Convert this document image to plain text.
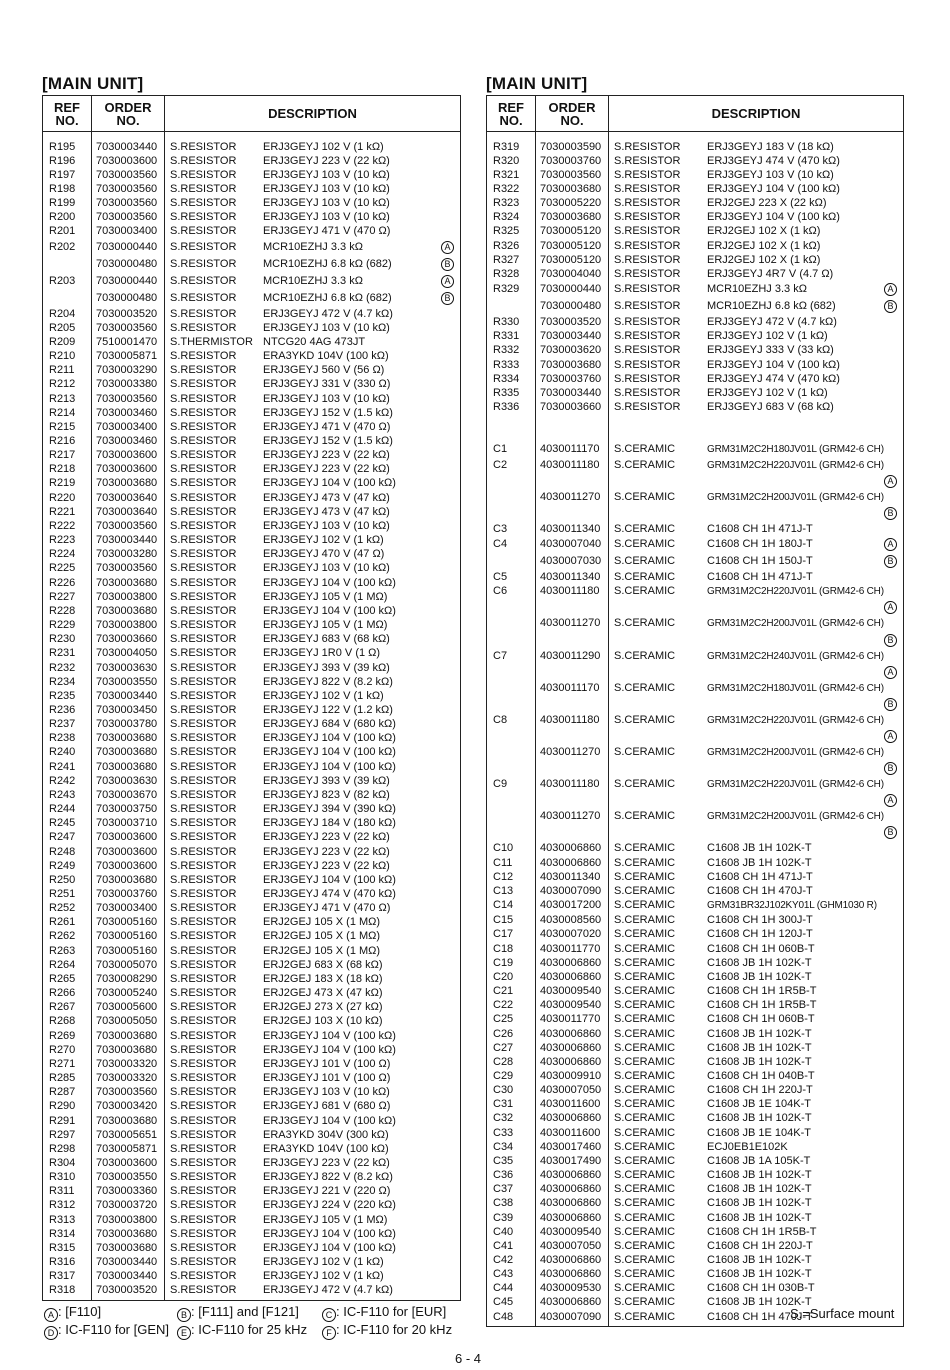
[MAIN UNIT]
REF NO.	ORDER NO.	DESCRIPTION

R195	7030003440	S.RESISTOR ERJ3GEYJ 102 V (1 kΩ)
R196	7030003600	S.RESISTOR ERJ3GEYJ 223 V (22 kΩ)
R197	7030003560	S.RESISTOR ERJ3GEYJ 103 V (10 kΩ)
R198	7030003560	S.RESISTOR ERJ3GEYJ 103 V (10 kΩ)
R199	7030003560	S.RESISTOR ERJ3GEYJ 103 V (10 kΩ)
R200	7030003560	S.RESISTOR ERJ3GEYJ 103 V (10 kΩ)
R201	7030003400	S.RESISTOR ERJ3GEYJ 471 V (470 Ω)
R202	7030000440	S.RESISTOR MCR10EZHJ 3.3 kΩ A

	7030000480	S.RESISTOR MCR10EZHJ 6.8 kΩ (682) B

R203	7030000440	S.RESISTOR MCR10EZHJ 3.3 kΩ A

	7030000480	S.RESISTOR MCR10EZHJ 6.8 kΩ (682) B

R204	7030003520	S.RESISTOR ERJ3GEYJ 472 V (4.7 kΩ)
R205	7030003560	S.RESISTOR ERJ3GEYJ 103 V (10 kΩ)
R209	7510001470	S.THERMISTOR NTCG20 4AG 473JT
R210	7030005871	S.RESISTOR ERA3YKD 104V (100 kΩ)
R211	7030003290	S.RESISTOR ERJ3GEYJ 560 V (56 Ω)
R212	7030003380	S.RESISTOR ERJ3GEYJ 331 V (330 Ω)
R213	7030003560	S.RESISTOR ERJ3GEYJ 103 V (10 kΩ)
R214	7030003460	S.RESISTOR ERJ3GEYJ 152 V (1.5 kΩ)
R215	7030003400	S.RESISTOR ERJ3GEYJ 471 V (470 Ω)
R216	7030003460	S.RESISTOR ERJ3GEYJ 152 V (1.5 kΩ)
R217	7030003600	S.RESISTOR ERJ3GEYJ 223 V (22 kΩ)
R218	7030003600	S.RESISTOR ERJ3GEYJ 223 V (22 kΩ)
R219	7030003680	S.RESISTOR ERJ3GEYJ 104 V (100 kΩ)
R220	7030003640	S.RESISTOR ERJ3GEYJ 473 V (47 kΩ)
R221	7030003640	S.RESISTOR ERJ3GEYJ 473 V (47 kΩ)
R222	7030003560	S.RESISTOR ERJ3GEYJ 103 V (10 kΩ)
R223	7030003440	S.RESISTOR ERJ3GEYJ 102 V (1 kΩ)
R224	7030003280	S.RESISTOR ERJ3GEYJ 470 V (47 Ω)
R225	7030003560	S.RESISTOR ERJ3GEYJ 103 V (10 kΩ)
R226	7030003680	S.RESISTOR ERJ3GEYJ 104 V (100 kΩ)
R227	7030003800	S.RESISTOR ERJ3GEYJ 105 V (1 MΩ)
R228	7030003680	S.RESISTOR ERJ3GEYJ 104 V (100 kΩ)
R229	7030003800	S.RESISTOR ERJ3GEYJ 105 V (1 MΩ)
R230	7030003660	S.RESISTOR ERJ3GEYJ 683 V (68 kΩ)
R231	7030004050	S.RESISTOR ERJ3GEYJ 1R0 V (1 Ω)
R232	7030003630	S.RESISTOR ERJ3GEYJ 393 V (39 kΩ)
R234	7030003550	S.RESISTOR ERJ3GEYJ 822 V (8.2 kΩ)
R235	7030003440	S.RESISTOR ERJ3GEYJ 102 V (1 kΩ)
R236	7030003450	S.RESISTOR ERJ3GEYJ 122 V (1.2 kΩ)
R237	7030003780	S.RESISTOR ERJ3GEYJ 684 V (680 kΩ)
R238	7030003680	S.RESISTOR ERJ3GEYJ 104 V (100 kΩ)
R240	7030003680	S.RESISTOR ERJ3GEYJ 104 V (100 kΩ)
R241	7030003680	S.RESISTOR ERJ3GEYJ 104 V (100 kΩ)
R242	7030003630	S.RESISTOR ERJ3GEYJ 393 V (39 kΩ)
R243	7030003670	S.RESISTOR ERJ3GEYJ 823 V (82 kΩ)
R244	7030003750	S.RESISTOR ERJ3GEYJ 394 V (390 kΩ)
R245	7030003710	S.RESISTOR ERJ3GEYJ 184 V (180 kΩ)
R247	7030003600	S.RESISTOR ERJ3GEYJ 223 V (22 kΩ)
R248	7030003600	S.RESISTOR ERJ3GEYJ 223 V (22 kΩ)
R249	7030003600	S.RESISTOR ERJ3GEYJ 223 V (22 kΩ)
R250	7030003680	S.RESISTOR ERJ3GEYJ 104 V (100 kΩ)
R251	7030003760	S.RESISTOR ERJ3GEYJ 474 V (470 kΩ)
R252	7030003400	S.RESISTOR ERJ3GEYJ 471 V (470 Ω)
R261	7030005160	S.RESISTOR ERJ2GEJ 105 X (1 MΩ)
R262	7030005160	S.RESISTOR ERJ2GEJ 105 X (1 MΩ)
R263	7030005160	S.RESISTOR ERJ2GEJ 105 X (1 MΩ)
R264	7030005070	S.RESISTOR ERJ2GEJ 683 X (68 kΩ)
R265	7030008290	S.RESISTOR ERJ2GEJ 183 X (18 kΩ)
R266	7030005240	S.RESISTOR ERJ2GEJ 473 X (47 kΩ)
R267	7030005600	S.RESISTOR ERJ2GEJ 273 X (27 kΩ)
R268	7030005050	S.RESISTOR ERJ2GEJ 103 X (10 kΩ)
R269	7030003680	S.RESISTOR ERJ3GEYJ 104 V (100 kΩ)
R270	7030003680	S.RESISTOR ERJ3GEYJ 104 V (100 kΩ)
R271	7030003320	S.RESISTOR ERJ3GEYJ 101 V (100 Ω)
R285	7030003320	S.RESISTOR ERJ3GEYJ 101 V (100 Ω)
R287	7030003560	S.RESISTOR ERJ3GEYJ 103 V (10 kΩ)
R290	7030003420	S.RESISTOR ERJ3GEYJ 681 V (680 Ω)
R291	7030003680	S.RESISTOR ERJ3GEYJ 104 V (100 kΩ)
R297	7030005651	S.RESISTOR ERA3YKD 304V (300 kΩ)
R298	7030005871	S.RESISTOR ERA3YKD 104V (100 kΩ)
R304	7030003600	S.RESISTOR ERJ3GEYJ 223 V (22 kΩ)
R310	7030003550	S.RESISTOR ERJ3GEYJ 822 V (8.2 kΩ)
R311	7030003360	S.RESISTOR ERJ3GEYJ 221 V (220 Ω)
R312	7030003720	S.RESISTOR ERJ3GEYJ 224 V (220 kΩ)
R313	7030003800	S.RESISTOR ERJ3GEYJ 105 V (1 MΩ)
R314	7030003680	S.RESISTOR ERJ3GEYJ 104 V (100 kΩ)
R315	7030003680	S.RESISTOR ERJ3GEYJ 104 V (100 kΩ)
R316	7030003440	S.RESISTOR ERJ3GEYJ 102 V (1 kΩ)
R317	7030003440	S.RESISTOR ERJ3GEYJ 102 V (1 kΩ)
R318	7030003520	S.RESISTOR ERJ3GEYJ 472 V (4.7 kΩ)

[MAIN UNIT]
REF NO.	ORDER NO.	DESCRIPTION

R319	7030003590	S.RESISTOR ERJ3GEYJ 183 V (18 kΩ)
R320	7030003760	S.RESISTOR ERJ3GEYJ 474 V (470 kΩ)
R321	7030003560	S.RESISTOR ERJ3GEYJ 103 V (10 kΩ)
R322	7030003680	S.RESISTOR ERJ3GEYJ 104 V (100 kΩ)
R323	7030005220	S.RESISTOR ERJ2GEJ 223 X (22 kΩ)
R324	7030003680	S.RESISTOR ERJ3GEYJ 104 V (100 kΩ)
R325	7030005120	S.RESISTOR ERJ2GEJ 102 X (1 kΩ)
R326	7030005120	S.RESISTOR ERJ2GEJ 102 X (1 kΩ)
R327	7030005120	S.RESISTOR ERJ2GEJ 102 X (1 kΩ)
R328	7030004040	S.RESISTOR ERJ3GEYJ 4R7 V (4.7 Ω)
R329	7030000440	S.RESISTOR MCR10EZHJ 3.3 kΩ A

	7030000480	S.RESISTOR MCR10EZHJ 6.8 kΩ (682) B

R330	7030003520	S.RESISTOR ERJ3GEYJ 472 V (4.7 kΩ)
R331	7030003440	S.RESISTOR ERJ3GEYJ 102 V (1 kΩ)
R332	7030003620	S.RESISTOR ERJ3GEYJ 333 V (33 kΩ)
R333	7030003680	S.RESISTOR ERJ3GEYJ 104 V (100 kΩ)
R334	7030003760	S.RESISTOR ERJ3GEYJ 474 V (470 kΩ)
R335	7030003440	S.RESISTOR ERJ3GEYJ 102 V (1 kΩ)
R336	7030003660	S.RESISTOR ERJ3GEYJ 683 V (68 kΩ)

C1	4030011170	S.CERAMIC GRM31M2C2H180JV01L (GRM42-6 CH)
C2	4030011180	S.CERAMIC GRM31M2C2H220JV01L (GRM42-6 CH)

		A

	4030011270	S.CERAMIC GRM31M2C2H200JV01L (GRM42-6 CH)

		B

C3	4030011340	S.CERAMIC C1608 CH 1H 471J-T
C4	4030007040	S.CERAMIC C1608 CH 1H 180J-T A

	4030007030	S.CERAMIC C1608 CH 1H 150J-T B

C5	4030011340	S.CERAMIC C1608 CH 1H 471J-T
C6	4030011180	S.CERAMIC GRM31M2C2H220JV01L (GRM42-6 CH)

		A

	4030011270	S.CERAMIC GRM31M2C2H200JV01L (GRM42-6 CH)

		B

C7	4030011290	S.CERAMIC GRM31M2C2H240JV01L (GRM42-6 CH)

		A

	4030011170	S.CERAMIC GRM31M2C2H180JV01L (GRM42-6 CH)

		B

C8	4030011180	S.CERAMIC GRM31M2C2H220JV01L (GRM42-6 CH)

		A

	4030011270	S.CERAMIC GRM31M2C2H200JV01L (GRM42-6 CH)

		B

C9	4030011180	S.CERAMIC GRM31M2C2H220JV01L (GRM42-6 CH)

		A

	4030011270	S.CERAMIC GRM31M2C2H200JV01L (GRM42-6 CH)

		B

C10	4030006860	S.CERAMIC C1608 JB 1H 102K-T
C11	4030006860	S.CERAMIC C1608 JB 1H 102K-T
C12	4030011340	S.CERAMIC C1608 CH 1H 471J-T
C13	4030007090	S.CERAMIC C1608 CH 1H 470J-T
C14	4030017200	S.CERAMIC GRM31BR32J102KY01L (GHM1030 R)
C15	4030008560	S.CERAMIC C1608 CH 1H 300J-T
C17	4030007020	S.CERAMIC C1608 CH 1H 120J-T
C18	4030011770	S.CERAMIC C1608 CH 1H 060B-T
C19	4030006860	S.CERAMIC C1608 JB 1H 102K-T
C20	4030006860	S.CERAMIC C1608 JB 1H 102K-T
C21	4030009540	S.CERAMIC C1608 CH 1H 1R5B-T
C22	4030009540	S.CERAMIC C1608 CH 1H 1R5B-T
C25	4030011770	S.CERAMIC C1608 CH 1H 060B-T
C26	4030006860	S.CERAMIC C1608 JB 1H 102K-T
C27	4030006860	S.CERAMIC C1608 JB 1H 102K-T
C28	4030006860	S.CERAMIC C1608 JB 1H 102K-T
C29	4030009910	S.CERAMIC C1608 CH 1H 040B-T
C30	4030007050	S.CERAMIC C1608 CH 1H 220J-T
C31	4030011600	S.CERAMIC C1608 JB 1E 104K-T
C32	4030006860	S.CERAMIC C1608 JB 1H 102K-T
C33	4030011600	S.CERAMIC C1608 JB 1E 104K-T
C34	4030017460	S.CERAMIC ECJ0EB1E102K
C35	4030017490	S.CERAMIC C1608 JB 1A 105K-T
C36	4030006860	S.CERAMIC C1608 JB 1H 102K-T
C37	4030006860	S.CERAMIC C1608 JB 1H 102K-T
C38	4030006860	S.CERAMIC C1608 JB 1H 102K-T
C39	4030006860	S.CERAMIC C1608 JB 1H 102K-T
C40	4030009540	S.CERAMIC C1608 CH 1H 1R5B-T
C41	4030007050	S.CERAMIC C1608 CH 1H 220J-T
C42	4030006860	S.CERAMIC C1608 JB 1H 102K-T
C43	4030006860	S.CERAMIC C1608 JB 1H 102K-T
C44	4030009530	S.CERAMIC C1608 CH 1H 030B-T
C45	4030006860	S.CERAMIC C1608 JB 1H 102K-T
C48	4030007090	S.CERAMIC C1608 CH 1H 470J-T

A : [F110]	B : [F111] and [F121]	C : IC-F110 for [EUR]
D : IC-F110 for [GEN]	E : IC-F110 for 25 kHz	F : IC-F110 for 20 kHz
S.=Surface mount
6 - 4
